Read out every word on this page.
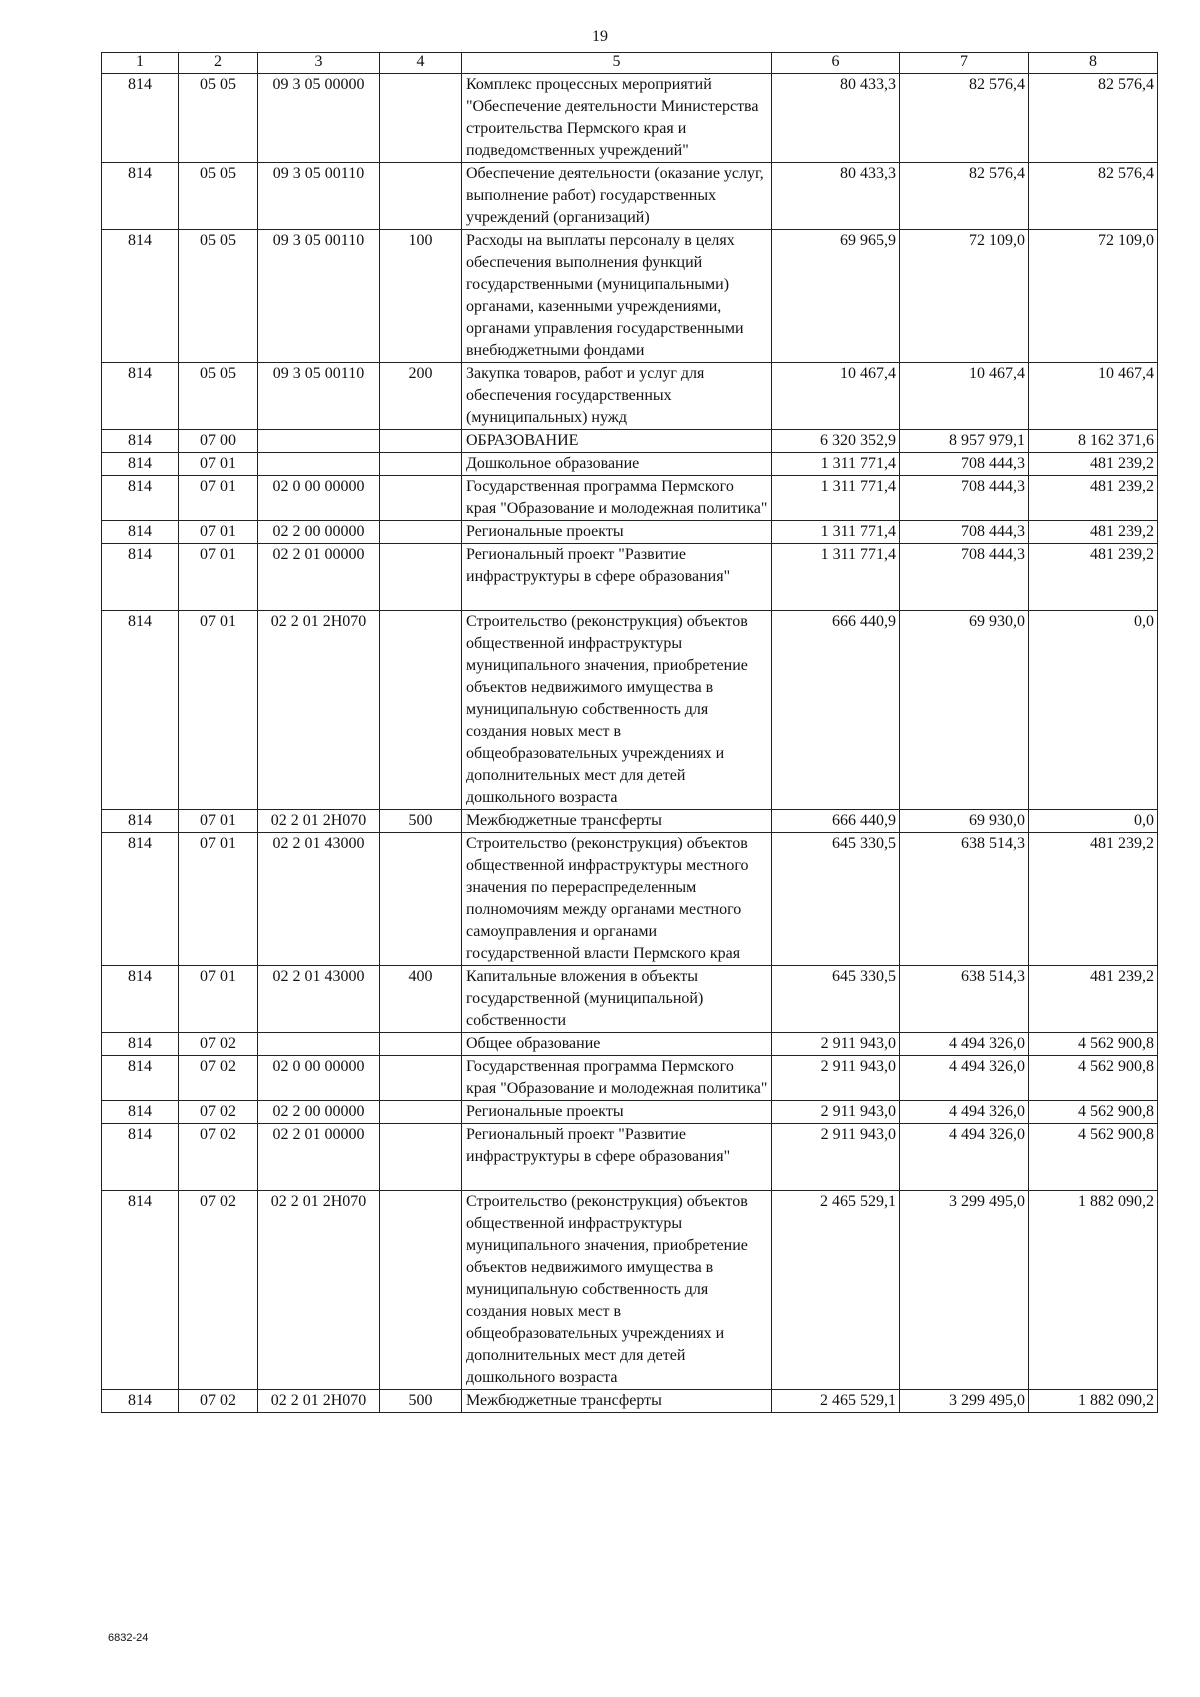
19
1	2	3	4	5	6	7	8
814	05 05	09 3 05 00000		Комплекс процессных мероприятий "Обеспечение деятельности Министерства строительства Пермского края и подведомственных учреждений"	80 433,3	82 576,4	82 576,4
814	05 05	09 3 05 00110		Обеспечение деятельности (оказание услуг, выполнение работ) государственных учреждений (организаций)	80 433,3	82 576,4	82 576,4
814	05 05	09 3 05 00110	100	Расходы на выплаты персоналу в целях обеспечения выполнения функций государственными (муниципальными) органами, казенными учреждениями, органами управления государственными внебюджетными фондами	69 965,9	72 109,0	72 109,0
814	05 05	09 3 05 00110	200	Закупка товаров, работ и услуг для обеспечения государственных (муниципальных) нужд	10 467,4	10 467,4	10 467,4
814	07 00			ОБРАЗОВАНИЕ	6 320 352,9	8 957 979,1	8 162 371,6
814	07 01			Дошкольное образование	1 311 771,4	708 444,3	481 239,2
814	07 01	02 0 00 00000		Государственная программа Пермского края "Образование и молодежная политика"	1 311 771,4	708 444,3	481 239,2
814	07 01	02 2 00 00000		Региональные проекты	1 311 771,4	708 444,3	481 239,2
814	07 01	02 2 01 00000		Региональный проект "Развитие инфраструктуры в сфере образования"	1 311 771,4	708 444,3	481 239,2
814	07 01	02 2 01 2Н070		Строительство (реконструкция) объектов общественной инфраструктуры муниципального значения, приобретение объектов недвижимого имущества в муниципальную собственность для создания новых мест в общеобразовательных учреждениях и дополнительных мест для детей дошкольного возраста	666 440,9	69 930,0	0,0
814	07 01	02 2 01 2Н070	500	Межбюджетные трансферты	666 440,9	69 930,0	0,0
814	07 01	02 2 01 43000		Строительство (реконструкция) объектов общественной инфраструктуры местного значения по перераспределенным полномочиям между органами местного самоуправления и органами государственной власти Пермского края	645 330,5	638 514,3	481 239,2
814	07 01	02 2 01 43000	400	Капитальные вложения в объекты государственной (муниципальной) собственности	645 330,5	638 514,3	481 239,2
814	07 02			Общее образование	2 911 943,0	4 494 326,0	4 562 900,8
814	07 02	02 0 00 00000		Государственная программа Пермского края "Образование и молодежная политика"	2 911 943,0	4 494 326,0	4 562 900,8
814	07 02	02 2 00 00000		Региональные проекты	2 911 943,0	4 494 326,0	4 562 900,8
814	07 02	02 2 01 00000		Региональный проект "Развитие инфраструктуры в сфере образования"	2 911 943,0	4 494 326,0	4 562 900,8
814	07 02	02 2 01 2Н070		Строительство (реконструкция) объектов общественной инфраструктуры муниципального значения, приобретение объектов недвижимого имущества в муниципальную собственность для создания новых мест в общеобразовательных учреждениях и дополнительных мест для детей дошкольного возраста	2 465 529,1	3 299 495,0	1 882 090,2
814	07 02	02 2 01 2Н070	500	Межбюджетные трансферты	2 465 529,1	3 299 495,0	1 882 090,2
6832-24
